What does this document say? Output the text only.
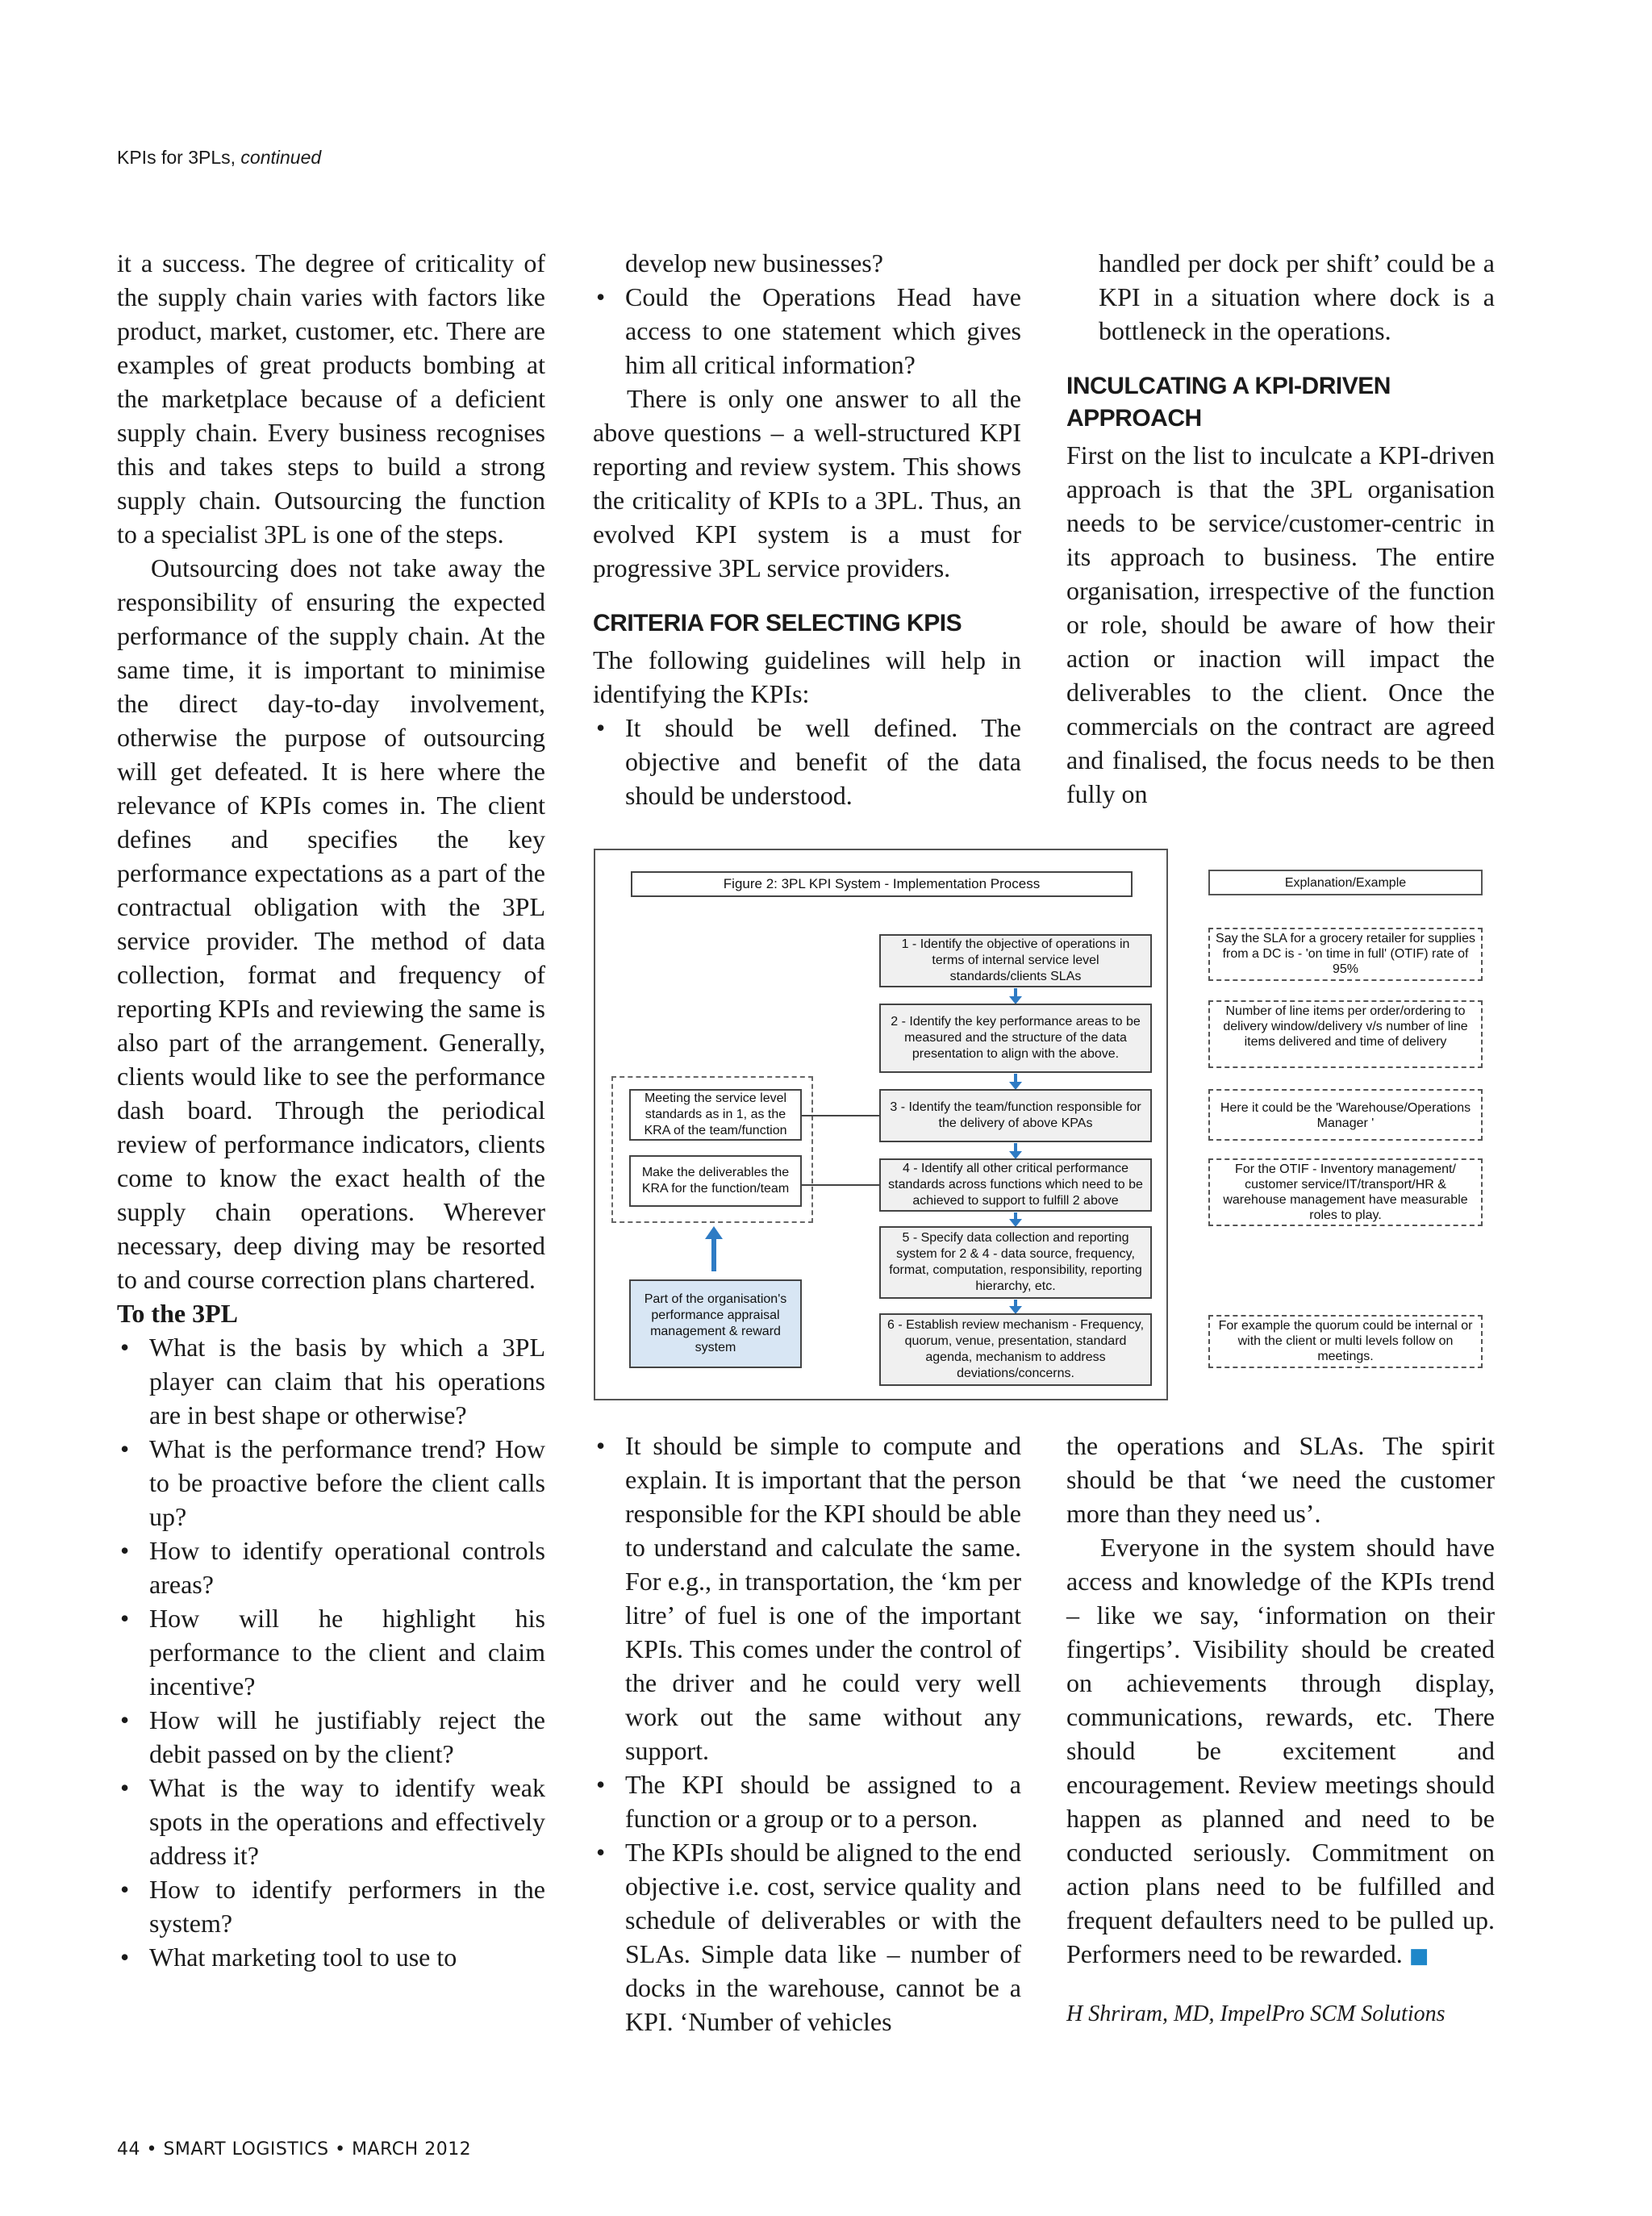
KPIs for 3PLs, continued

it a success. The degree of criticality of the supply chain varies with factors like product, market, customer, etc. There are examples of great products bombing at the marketplace because of a deficient supply chain. Every business recognises this and takes steps to build a strong supply chain. Outsourcing the function to a specialist 3PL is one of the steps.

Outsourcing does not take away the responsibility of ensuring the expected performance of the supply chain. At the same time, it is important to minimise the direct day-to-day involvement, otherwise the purpose of outsourcing will get defeated. It is here where the relevance of KPIs comes in. The client defines and specifies the key performance expectations as a part of the contractual obligation with the 3PL service provider. The method of data collection, format and frequency of reporting KPIs and reviewing the same is also part of the arrangement. Generally, clients would like to see the performance dash board. Through the periodical review of performance indicators, clients come to know the exact health of the supply chain operations. Wherever necessary, deep diving may be resorted to and course correction plans chartered.

To the 3PL
• What is the basis by which a 3PL player can claim that his operations are in best shape or otherwise?
• What is the performance trend? How to be proactive before the client calls up?
• How to identify operational controls areas?
• How will he highlight his performance to the client and claim incentive?
• How will he justifiably reject the debit passed on by the client?
• What is the way to identify weak spots in the operations and effectively address it?
• How to identify performers in the system?
• What marketing tool to use to
develop new businesses?
• Could the Operations Head have access to one statement which gives him all critical information?

There is only one answer to all the above questions – a well-structured KPI reporting and review system. This shows the criticality of KPIs to a 3PL. Thus, an evolved KPI system is a must for progressive 3PL service providers.

CRITERIA FOR SELECTING KPIS

The following guidelines will help in identifying the KPIs:

• It should be well defined. The objective and benefit of the data should be understood.
handled per dock per shift’ could be a KPI in a situation where dock is a bottleneck in the operations.
INCULCATING A KPI-DRIVEN APPROACH

First on the list to inculcate a KPI-driven approach is that the 3PL organisation needs to be service/customer-centric in its approach to business. The entire organisation, irrespective of the function or role, should be aware of how their action or inaction will impact the deliverables to the client. Once the commercials on the contract are agreed and finalised, the focus needs to be then fully on

Figure 2: 3PL KPI System - Implementation Process
1 - Identify the objective of operations in terms of internal service level standards/clients SLAs
2 - Identify the key performance areas to be measured and the structure of the data presentation to align with the above.
3 - Identify the team/function responsible for the delivery of above KPAs
4 - Identify all other critical performance standards across functions which need to be achieved to support to fulfill 2 above
5 - Specify data collection and reporting system for 2 & 4 - data source, frequency, format, computation, responsibility, reporting hierarchy, etc.
6 - Establish review mechanism - Frequency, quorum, venue, presentation, standard agenda, mechanism to address deviations/concerns.
Meeting the service level standards as in 1, as the KRA of the team/function
Make the deliverables the KRA for the function/team
Part of the organisation's performance appraisal management & reward system
Explanation/Example
Say the SLA for a grocery retailer for supplies from a DC is - 'on time in full' (OTIF) rate of 95%
Number of line items per order/ordering to delivery window/delivery v/s number of line items delivered and time of delivery
Here it could be the 'Warehouse/Operations Manager '
For the OTIF - Inventory management/ customer service/IT/transport/HR & warehouse management have measurable roles to play.
For example the quorum could be internal or with the client or multi levels follow on meetings.
• It should be simple to compute and explain. It is important that the person responsible for the KPI should be able to understand and calculate the same. For e.g., in transportation, the ‘km per litre’ of fuel is one of the important KPIs. This comes under the control of the driver and he could very well work out the same without any support.
• The KPI should be assigned to a function or a group or to a person.
• The KPIs should be aligned to the end objective i.e. cost, service quality and schedule of deliverables or with the SLAs. Simple data like – number of docks in the warehouse, cannot be a KPI. ‘Number of vehicles

the operations and SLAs. The spirit should be that ‘we need the customer more than they need us’.

Everyone in the system should have access and knowledge of the KPIs trend – like we say, ‘information on their fingertips’. Visibility should be created on achievements through display, communications, rewards, etc. There should be excitement and encouragement. Review meetings should happen as planned and need to be conducted seriously. Commitment on action plans need to be fulfilled and frequent defaulters need to be pulled up. Performers need to be rewarded. ■

H Shriram, MD, ImpelPro SCM Solutions
44 • SMART LOGISTICS • MARCH 2012
